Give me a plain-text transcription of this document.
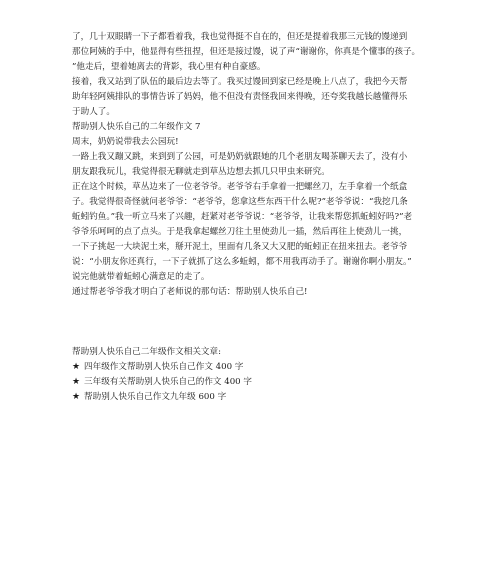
了，几十双眼睛一下子都看着我，我也觉得挺不自在的，但还是提着我那三元钱的馒递到

那位阿姨的手中，他显得有些扭捏，但还是接过馒，说了声“谢谢你，你真是个懂事的孩子。

”他走后，望着她离去的背影，我心里有种自豪感。

接着，我又站到了队伍的最后边去等了。我买过馒回到家已经是晚上八点了，我把今天帮

助年轻阿姨排队的事情告诉了妈妈，他不但没有责怪我回来得晚，还夸奖我越长越懂得乐

于助人了。

帮助别人快乐自己的二年级作文 7

周末，奶奶说带我去公园玩!

一路上我又蹦又跳，来到到了公园，可是奶奶就跟她的几个老朋友喝茶聊天去了，没有小

朋友跟我玩儿，我觉得很无聊就走到草丛边想去抓几只甲虫来研究。

正在这个时候，草丛边来了一位老爷爷。老爷爷右手拿着一把螺丝刀，左手拿着一个纸盒

子。我觉得很奇怪就问老爷爷：“老爷爷，您拿这些东西干什么呢?”老爷爷说：“我挖几条

蚯蚓钓鱼。”我一听立马来了兴趣，赶紧对老爷爷说：“老爷爷，让我来帮您抓蚯蚓好吗?”老

爷爷乐呵呵的点了点头。于是我拿起螺丝刀往土里使劲儿一插，然后再往上使劲儿一挑，

一下子挑起一大块泥土来，掰开泥土，里面有几条又大又肥的蚯蚓正在扭来扭去。老爷爷

说：“小朋友你还真行，一下子就抓了这么多蚯蚓，都不用我再动手了。谢谢你啊小朋友。”

说完他就带着蚯蚓心满意足的走了。

通过帮老爷爷我才明白了老师说的那句话：帮助别人快乐自己!

帮助别人快乐自己二年级作文相关文章:

★ 四年级作文帮助别人快乐自己作文 400 字

★ 三年级有关帮助别人快乐自己的作文 400 字

★ 帮助别人快乐自己作文九年级 600 字
